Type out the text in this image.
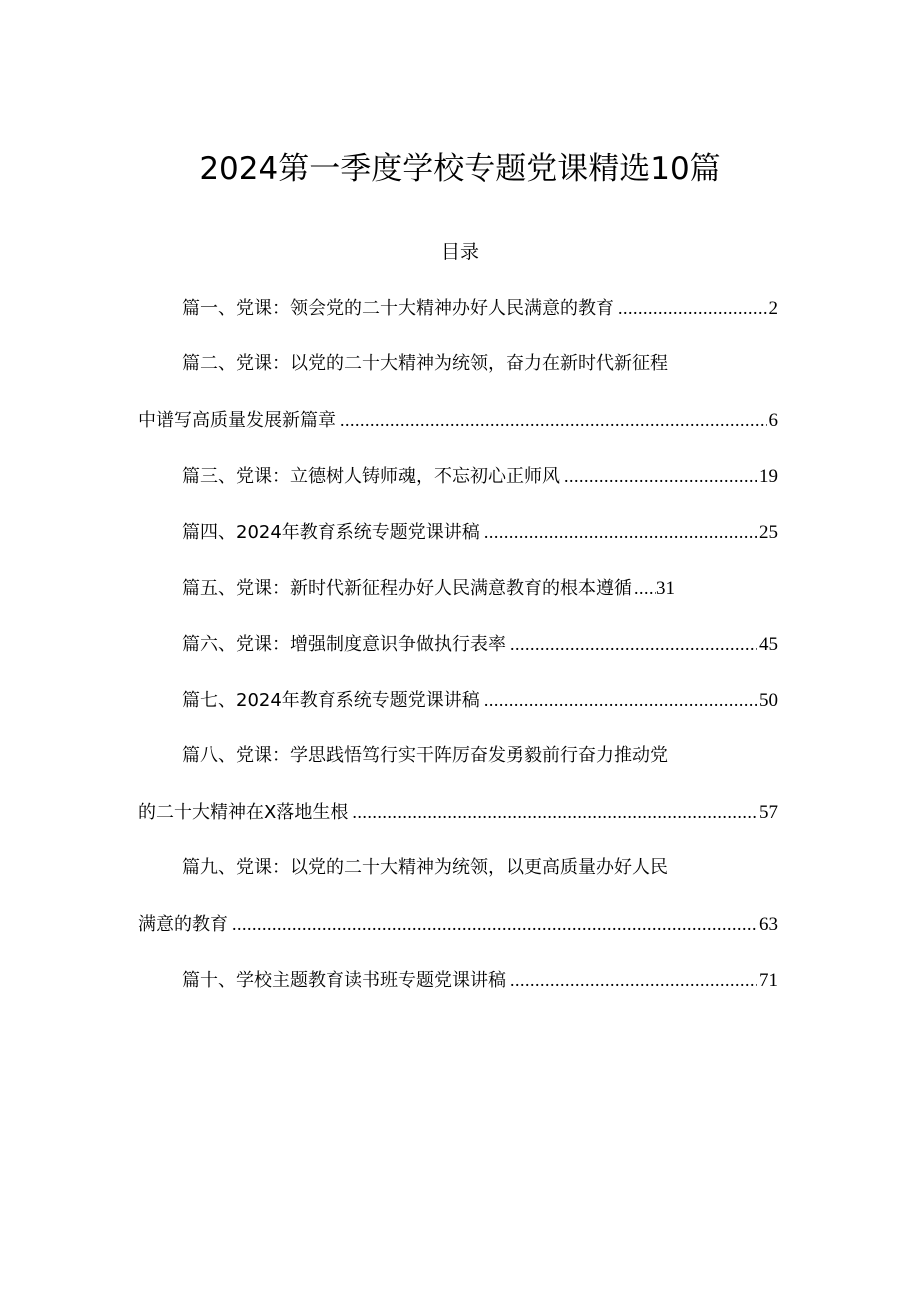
2024第一季度学校专题党课精选10篇
目录
篇一、党课：领会党的二十大精神办好人民满意的教育 .....	2
篇二、党课：以党的二十大精神为统领，奋力在新时代新征程
中谱写高质量发展新篇章 .....	6
篇三、党课：立德树人铸师魂，不忘初心正师风 .....	19
篇四、2024年教育系统专题党课讲稿 .....	25
篇五、党课：新时代新征程办好人民满意教育的根本遵循 ..... 31
篇六、党课：增强制度意识争做执行表率 .....	45
篇七、2024年教育系统专题党课讲稿 .....	50
篇八、党课：学思践悟笃行实干阵厉奋发勇毅前行奋力推动党
的二十大精神在X落地生根 .....	57
篇九、党课：以党的二十大精神为统领，以更高质量办好人民
满意的教育 .....	63
篇十、学校主题教育读书班专题党课讲稿 .....	71
